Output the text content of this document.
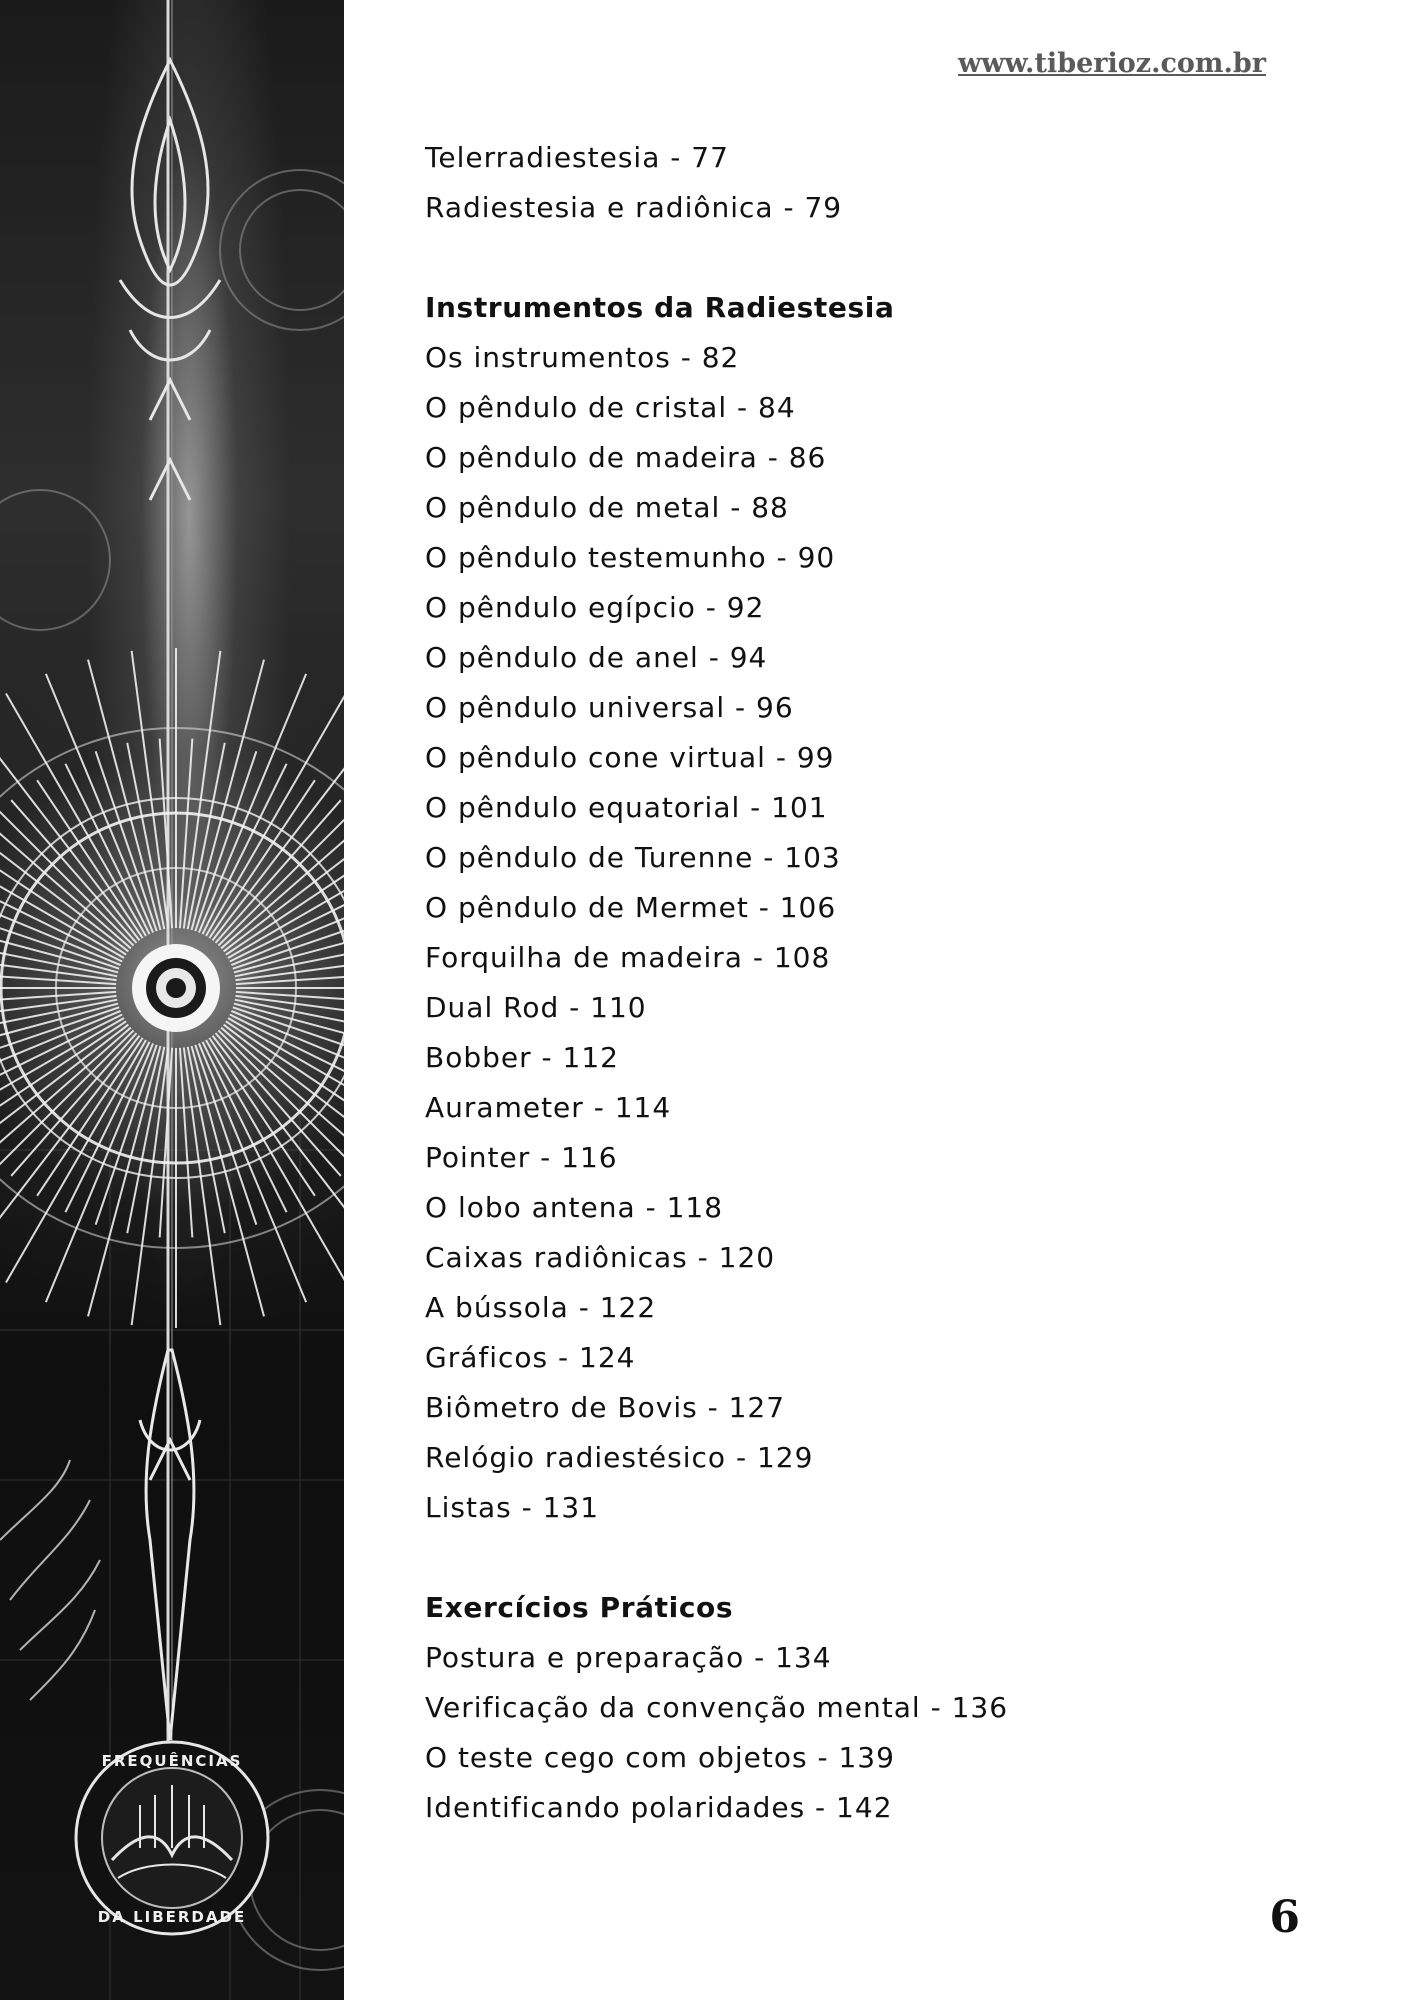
FREQUÊNCIAS
DA LIBERDADE
www.tiberioz.com.br
Telerradiestesia - 77
Radiestesia e radiônica - 79
Instrumentos da Radiestesia
Os instrumentos - 82
O pêndulo de cristal - 84
O pêndulo de madeira - 86
O pêndulo de metal - 88
O pêndulo testemunho - 90
O pêndulo egípcio - 92
O pêndulo de anel - 94
O pêndulo universal - 96
O pêndulo cone virtual - 99
O pêndulo equatorial - 101
O pêndulo de Turenne - 103
O pêndulo de Mermet - 106
Forquilha de madeira - 108
Dual Rod - 110
Bobber - 112
Aurameter - 114
Pointer - 116
O lobo antena - 118
Caixas radiônicas - 120
A bússola - 122
Gráficos - 124
Biômetro de Bovis - 127
Relógio radiestésico - 129
Listas - 131
Exercícios Práticos
Postura e preparação - 134
Verificação da convenção mental - 136
O teste cego com objetos - 139
Identificando polaridades - 142
6
